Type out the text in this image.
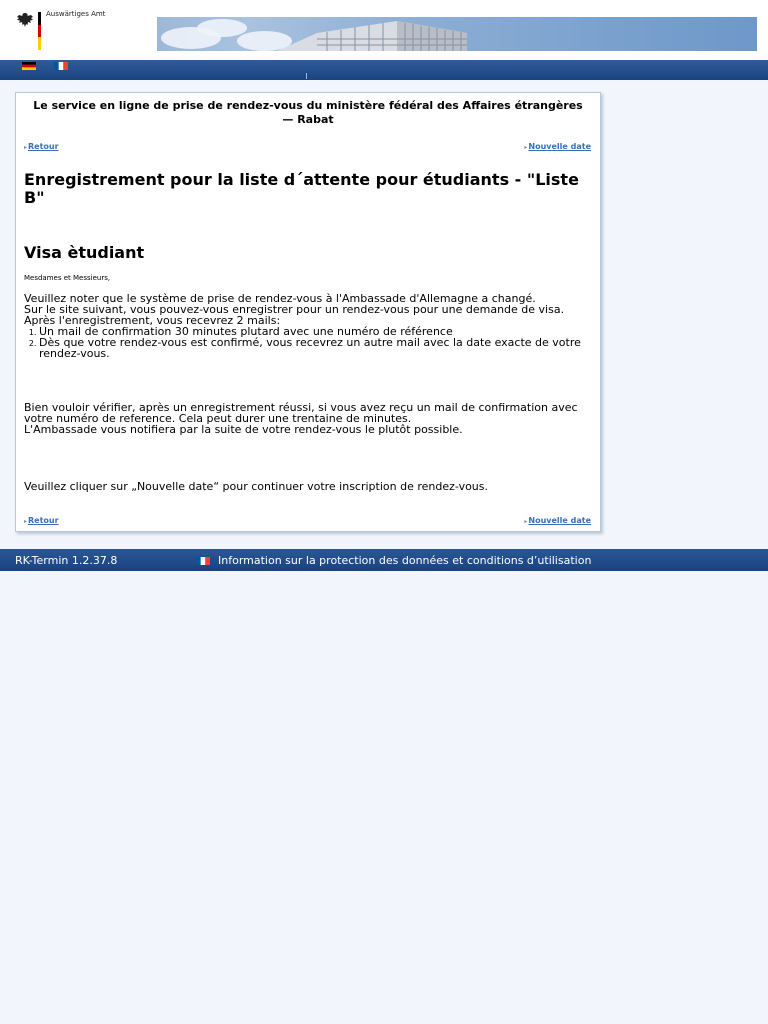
Auswärtiges Amt
Le service en ligne de prise de rendez-vous du ministère fédéral des Affaires étrangères — Rabat
▸Retour	▸Nouvelle date
Enregistrement pour la liste d´attente pour étudiants - "Liste B"
Visa ètudiant
Mesdames et Messieurs,
Veuillez noter que le système de prise de rendez-vous à l'Ambassade d'Allemagne a changé.
Sur le site suivant, vous pouvez-vous enregistrer pour un rendez-vous pour une demande de visa.
Après l'enregistrement, vous recevrez 2 mails:
1. Un mail de confirmation 30 minutes plutard avec une numéro de référence
2. Dès que votre rendez-vous est confirmé, vous recevrez un autre mail avec la date exacte de votre rendez-vous.
Bien vouloir vérifier, après un enregistrement réussi, si vous avez reçu un mail de confirmation avec votre numéro de reference. Cela peut durer une trentaine de minutes.
L'Ambassade vous notifiera par la suite de votre rendez-vous le plutôt possible.
Veuillez cliquer sur „Nouvelle date“ pour continuer votre inscription de rendez-vous.
▸Retour	▸Nouvelle date
RK-Termin 1.2.37.8	Information sur la protection des données et conditions d’utilisation
